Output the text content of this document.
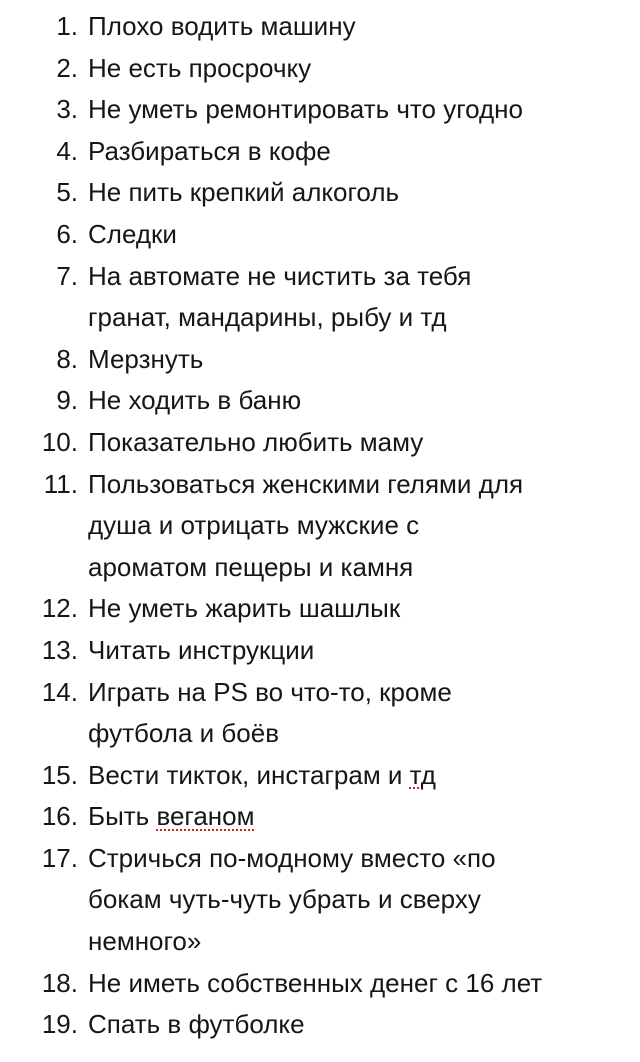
1. Плохо водить машину
2. Не есть просрочку
3. Не уметь ремонтировать что угодно
4. Разбираться в кофе
5. Не пить крепкий алкоголь
6. Следки
7. На автомате не чистить за тебя
гранат, мандарины, рыбу и тд
8. Мерзнуть
9. Не ходить в баню
10. Показательно любить маму
11. Пользоваться женскими гелями для
душа и отрицать мужские с
ароматом пещеры и камня
12. Не уметь жарить шашлык
13. Читать инструкции
14. Играть на PS во что-то, кроме
футбола и боёв
15. Вести тикток, инстаграм и тд
16. Быть веганом
17. Стричься по-модному вместо «по
бокам чуть-чуть убрать и сверху
немного»
18. Не иметь собственных денег с 16 лет
19. Спать в футболке
